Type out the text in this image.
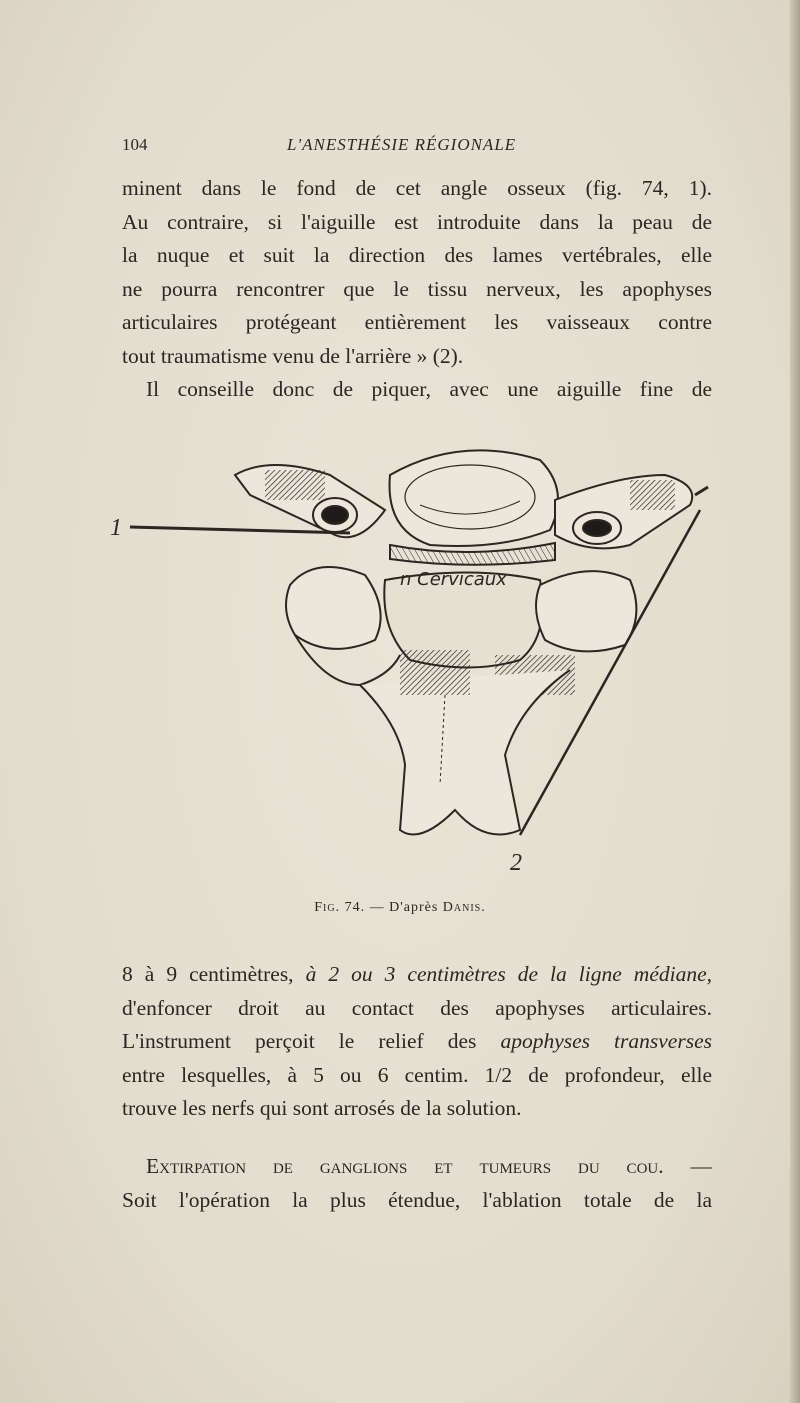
104	L'ANESTHÉSIE RÉGIONALE

minent dans le fond de cet angle osseux (fig. 74, 1).
Au contraire, si l'aiguille est introduite dans la peau de
la nuque et suit la direction des lames vertébrales, elle
ne pourra rencontrer que le tissu nerveux, les apophyses
articulaires protégeant entièrement les vaisseaux contre
tout traumatisme venu de l'arrière » (2).

Il conseille donc de piquer, avec une aiguille fine de

1
2
n Cervicaux
Fig. 74. — D'après Danis.

8 à 9 centimètres, à 2 ou 3 centimètres de la ligne médiane,
d'enfoncer droit au contact des apophyses articulaires.
L'instrument perçoit le relief des apophyses transverses
entre lesquelles, à 5 ou 6 centim. 1/2 de profondeur, elle
trouve les nerfs qui sont arrosés de la solution.

Extirpation de ganglions et tumeurs du cou. —
Soit l'opération la plus étendue, l'ablation totale de la
